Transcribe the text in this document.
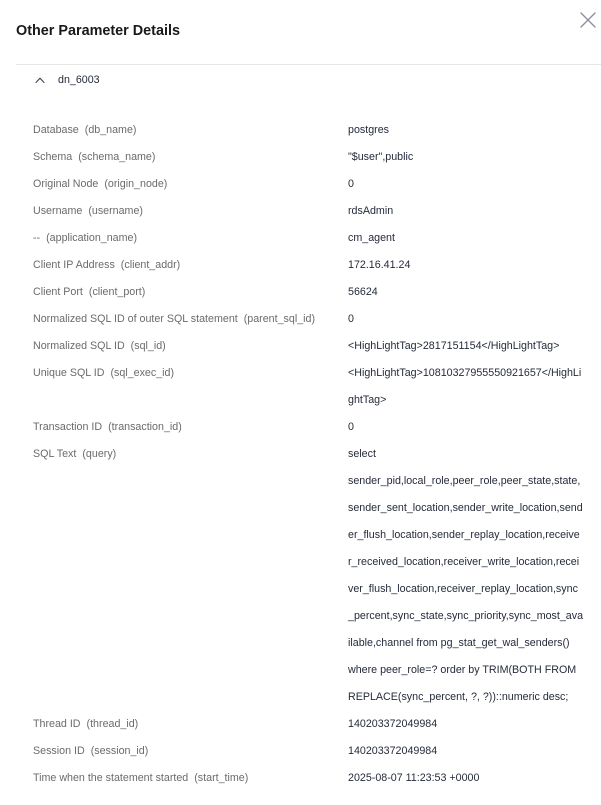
Other Parameter Details
dn_6003
Database (db_name)	postgres
Schema (schema_name)	"$user",public
Original Node (origin_node)	0
Username (username)	rdsAdmin
-- (application_name)	cm_agent
Client IP Address (client_addr)	172.16.41.24
Client Port (client_port)	56624
Normalized SQL ID of outer SQL statement (parent_sql_id)	0
Normalized SQL ID (sql_id)	<HighLightTag>2817151154</HighLightTag>
Unique SQL ID (sql_exec_id)	<HighLightTag>10810327955550921657</HighLightTag>
Transaction ID (transaction_id)	0
SQL Text (query)	select sender_pid,local_role,peer_role,peer_state,state,sender_sent_location,sender_write_location,sender_flush_location,sender_replay_location,receiver_received_location,receiver_write_location,receiver_flush_location,receiver_replay_location,sync_percent,sync_state,sync_priority,sync_most_available,channel from pg_stat_get_wal_senders() where peer_role=? order by TRIM(BOTH FROM REPLACE(sync_percent, ?, ?))::numeric desc;
Thread ID (thread_id)	140203372049984
Session ID (session_id)	140203372049984
Time when the statement started (start_time)	2025-08-07 11:23:53 +0000
